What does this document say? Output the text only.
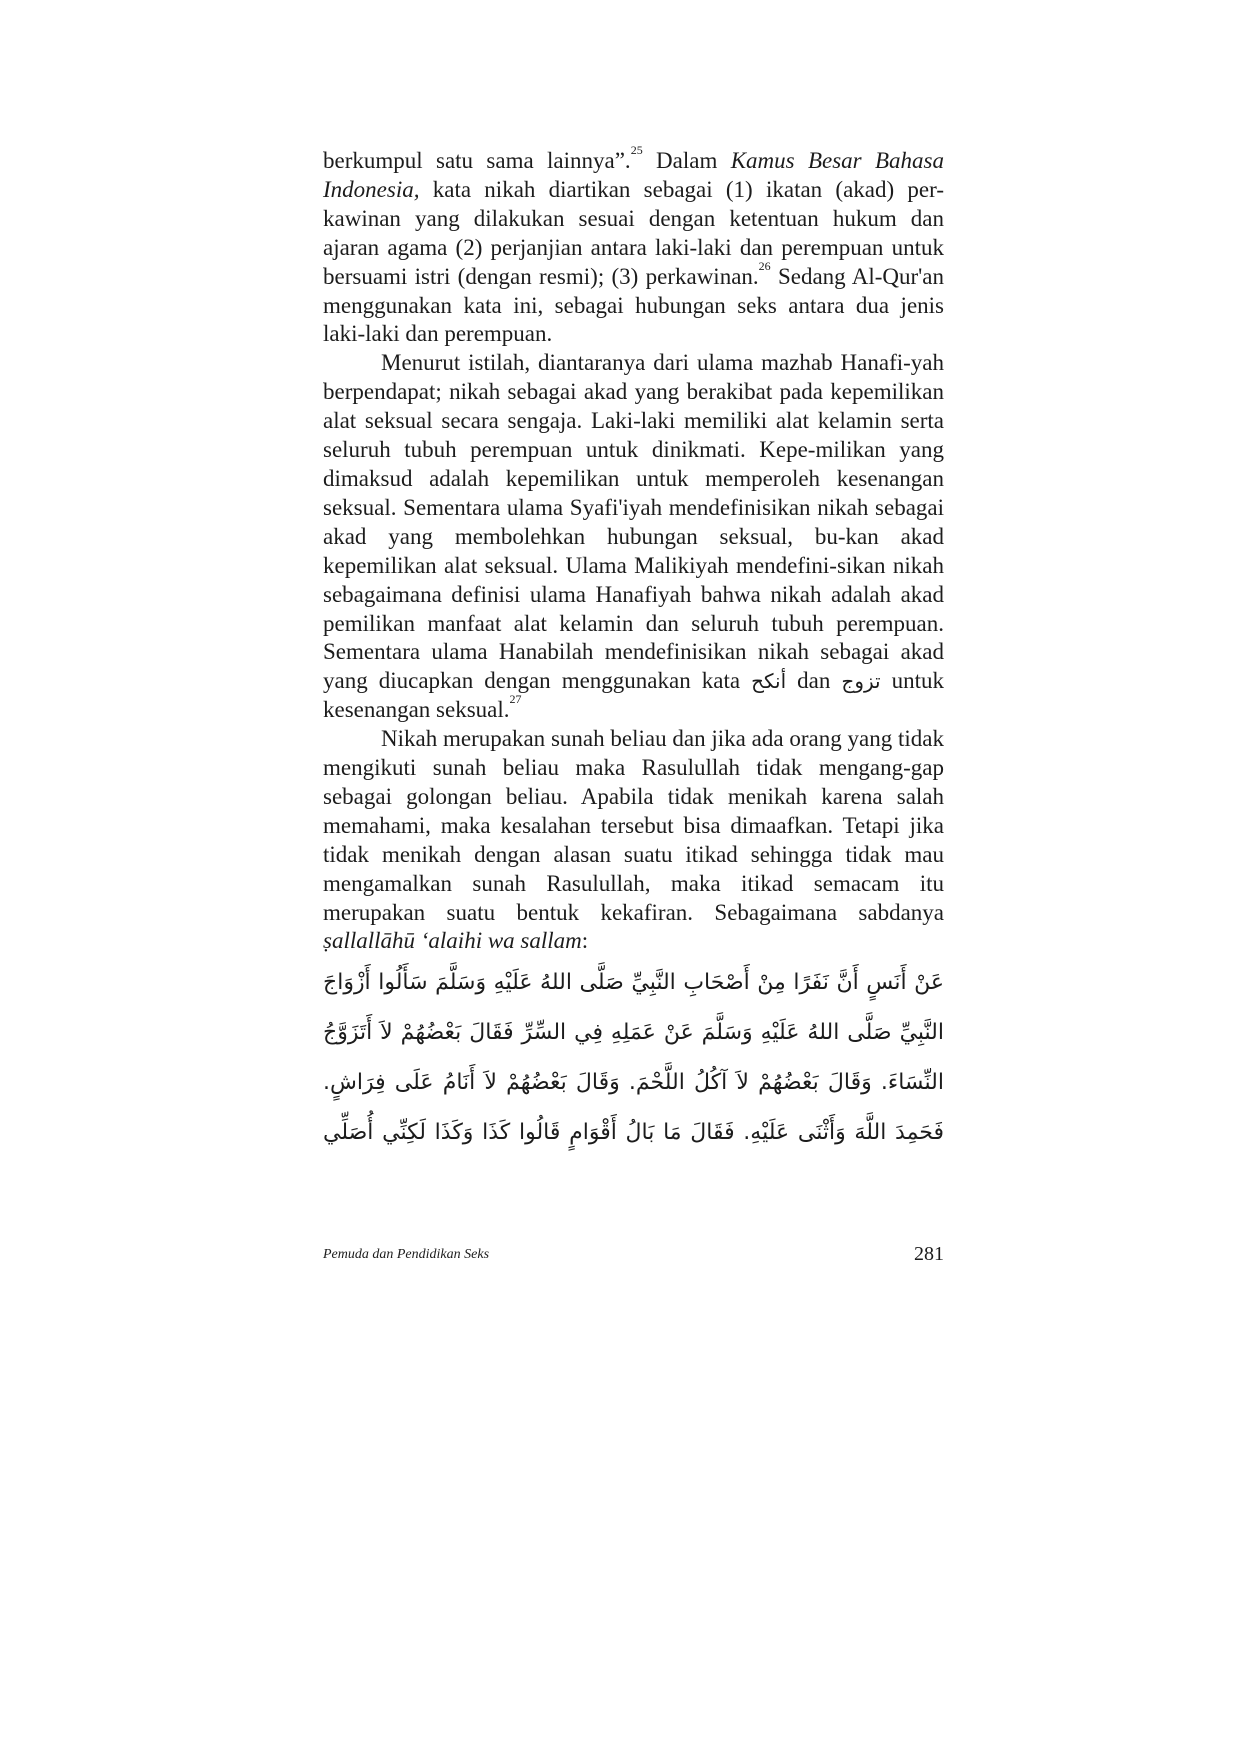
berkumpul satu sama lainnya”.$^{25}$ Dalam Kamus Besar Bahasa Indonesia, kata nikah diartikan sebagai (1) ikatan (akad) per-kawinan yang dilakukan sesuai dengan ketentuan hukum dan ajaran agama (2) perjanjian antara laki-laki dan perempuan untuk bersuami istri (dengan resmi); (3) perkawinan.$^{26}$ Sedang Al-Qur'an menggunakan kata ini, sebagai hubungan seks antara dua jenis laki-laki dan perempuan.

Menurut istilah, diantaranya dari ulama mazhab Hanafi-yah berpendapat; nikah sebagai akad yang berakibat pada kepemilikan alat seksual secara sengaja. Laki-laki memiliki alat kelamin serta seluruh tubuh perempuan untuk dinikmati. Kepe-milikan yang dimaksud adalah kepemilikan untuk memperoleh kesenangan seksual. Sementara ulama Syafi'iyah mendefinisikan nikah sebagai akad yang membolehkan hubungan seksual, bu-kan akad kepemilikan alat seksual. Ulama Malikiyah mendefini-sikan nikah sebagaimana definisi ulama Hanafiyah bahwa nikah adalah akad pemilikan manfaat alat kelamin dan seluruh tubuh perempuan. Sementara ulama Hanabilah mendefinisikan nikah sebagai akad yang diucapkan dengan menggunakan kata أنكح dan تزوج untuk kesenangan seksual.$^{27}$

Nikah merupakan sunah beliau dan jika ada orang yang tidak mengikuti sunah beliau maka Rasulullah tidak mengang-gap sebagai golongan beliau. Apabila tidak menikah karena salah memahami, maka kesalahan tersebut bisa dimaafkan. Tetapi jika tidak menikah dengan alasan suatu itikad sehingga tidak mau mengamalkan sunah Rasulullah, maka itikad semacam itu merupakan suatu bentuk kekafiran. Sebagaimana sabdanya ṣallallāhū ‘alaihi wa sallam:

عَنْ أَنَسٍ أَنَّ نَفَرًا مِنْ أَصْحَابِ النَّبِيِّ صَلَّى اللهُ عَلَيْهِ وَسَلَّمَ سَأَلُوا أَزْوَاجَ
النَّبِيِّ صَلَّى اللهُ عَلَيْهِ وَسَلَّمَ عَنْ عَمَلِهِ فِي السِّرِّ فَقَالَ بَعْضُهُمْ لاَ أَتَزَوَّجُ
النِّسَاءَ. وَقَالَ بَعْضُهُمْ لاَ آكُلُ اللَّحْمَ. وَقَالَ بَعْضُهُمْ لاَ أَنَامُ عَلَى فِرَاشٍ.
فَحَمِدَ اللَّهَ وَأَثْنَى عَلَيْهِ. فَقَالَ مَا بَالُ أَقْوَامٍ قَالُوا كَذَا وَكَذَا لَكِنِّي أُصَلِّي
Pemuda dan Pendidikan Seks	281
